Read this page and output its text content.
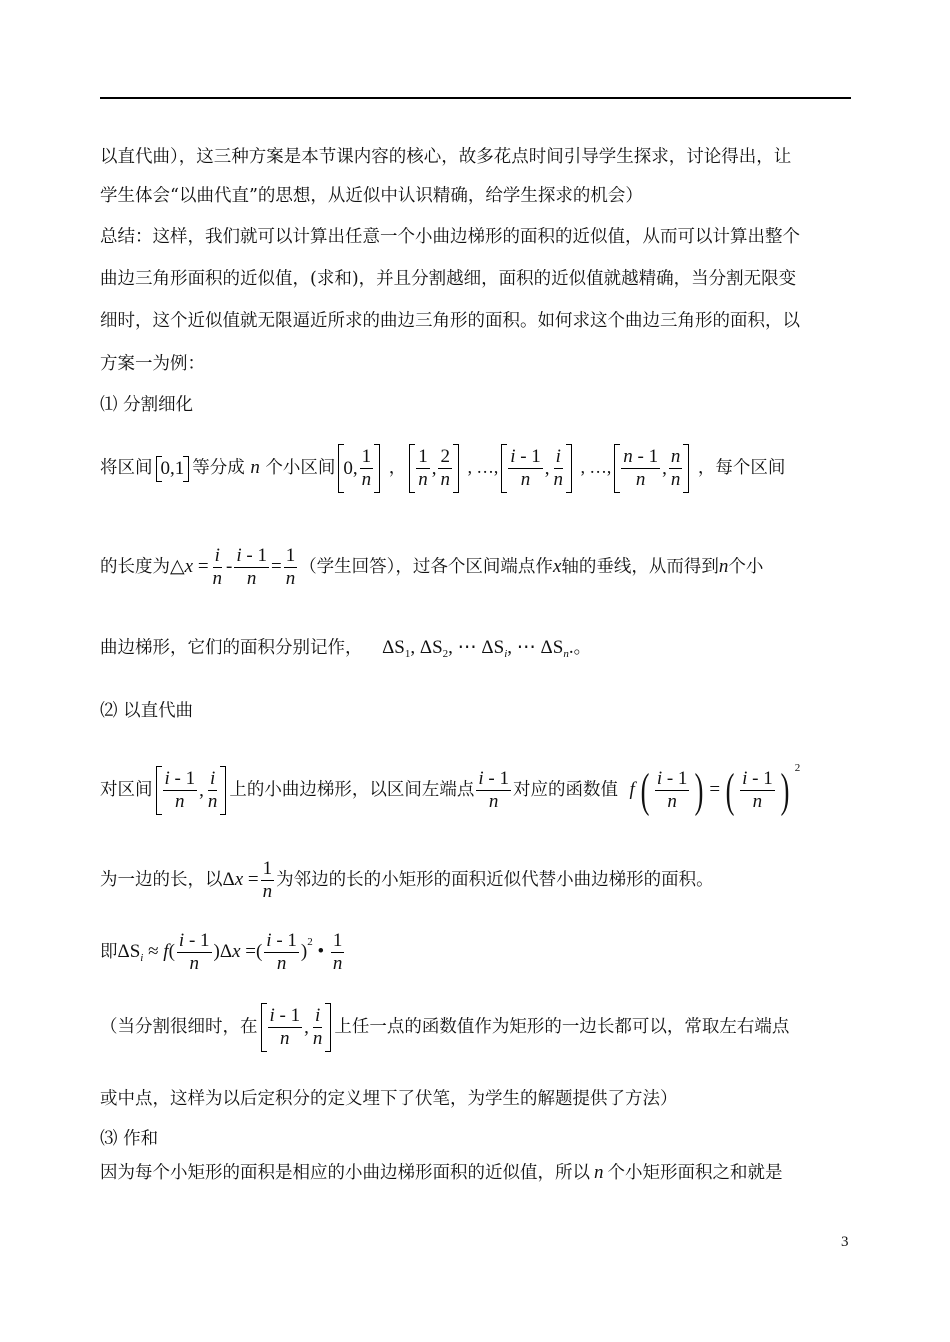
以直代曲），这三种方案是本节课内容的核心，故多花点时间引导学生探求，讨论得出，让
学生体会“以曲代直”的思想，从近似中认识精确，给学生探求的机会）
总结：这样，我们就可以计算出任意一个小曲边梯形的面积的近似值，从而可以计算出整个
曲边三角形面积的近似值，(求和)，并且分割越细，面积的近似值就越精确，当分割无限变
细时，这个近似值就无限逼近所求的曲边三角形的面积。如何求这个曲边三角形的面积，以
方案一为例：
⑴ 分割细化
将区间 0,1 等分成 n 个小区间 0, $\frac{1}{n}$ ， $\frac{1}{n}$ , $\frac{2}{n}$ , …, $\frac{i - 1}{n}$ , $\frac{i}{n}$ , …, $\frac{n - 1}{n}$ , $\frac{n}{n}$ ，每个区间
的长度为△x = $\frac{i}{n} - \frac{i - 1}{n} = \frac{1}{n}$ （学生回答），过各个区间端点作x轴的垂线，从而得到n个小
曲边梯形，它们的面积分别记作， $\Delta S_1$, $\Delta S_2$, ⋯ $\Delta S_i$, ⋯ $\Delta S_n$.。
⑵ 以直代曲
对区间 $\frac{i - 1}{n}$ , $\frac{i}{n}$ 上的小曲边梯形，以区间左端点 $\frac{i - 1}{n}$ 对应的函数值 f ( $\frac{i - 1}{n}$ ) = ( $\frac{i - 1}{n}$ ) $^2$
为一边的长，以$\Delta x = \frac{1}{n}$ 为邻边的长的小矩形的面积近似代替小曲边梯形的面积。
即$\Delta S_i \approx f( \frac{i - 1}{n} )\Delta x$ =( $\frac{i - 1}{n} )^2$ • $\frac{1}{n}$
（当分割很细时，在 $\frac{i - 1}{n}$ , $\frac{i}{n}$ 上任一点的函数值作为矩形的一边长都可以，常取左右端点
或中点，这样为以后定积分的定义埋下了伏笔，为学生的解题提供了方法）
⑶ 作和
因为每个小矩形的面积是相应的小曲边梯形面积的近似值，所以 n 个小矩形面积之和就是
3
